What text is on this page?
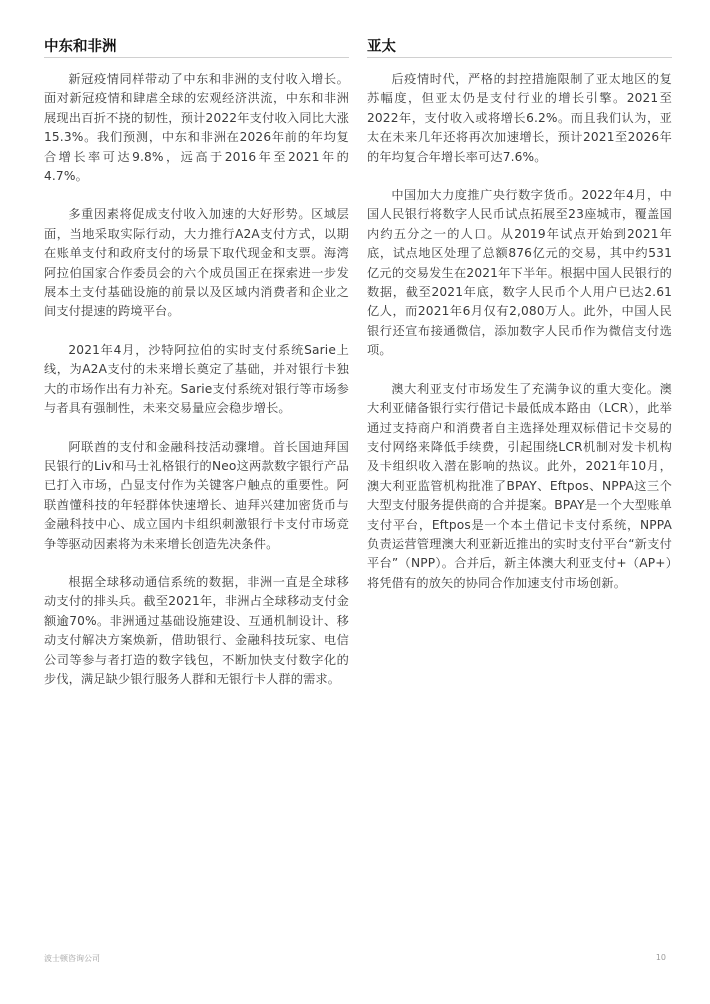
中东和非洲

新冠疫情同样带动了中东和非洲的支付收入增长。面对新冠疫情和肆虐全球的宏观经济洪流，中东和非洲展现出百折不挠的韧性，预计2022年支付收入同比大涨15.3%。我们预测，中东和非洲在2026年前的年均复合增长率可达9.8%，远高于2016年至2021年的4.7%。

多重因素将促成支付收入加速的大好形势。区域层面，当地采取实际行动，大力推行A2A支付方式，以期在账单支付和政府支付的场景下取代现金和支票。海湾阿拉伯国家合作委员会的六个成员国正在探索进一步发展本土支付基础设施的前景以及区域内消费者和企业之间支付提速的跨境平台。

2021年4月，沙特阿拉伯的实时支付系统Sarie上线，为A2A支付的未来增长奠定了基础，并对银行卡独大的市场作出有力补充。Sarie支付系统对银行等市场参与者具有强制性，未来交易量应会稳步增长。

阿联酋的支付和金融科技活动骤增。首长国迪拜国民银行的Liv和马士礼格银行的Neo这两款数字银行产品已打入市场，凸显支付作为关键客户触点的重要性。阿联酋懂科技的年轻群体快速增长、迪拜兴建加密货币与金融科技中心、成立国内卡组织刺激银行卡支付市场竞争等驱动因素将为未来增长创造先决条件。

根据全球移动通信系统的数据，非洲一直是全球移动支付的排头兵。截至2021年，非洲占全球移动支付金额逾70%。非洲通过基础设施建设、互通机制设计、移动支付解决方案焕新，借助银行、金融科技玩家、电信公司等参与者打造的数字钱包，不断加快支付数字化的步伐，满足缺少银行服务人群和无银行卡人群的需求。

亚太

后疫情时代，严格的封控措施限制了亚太地区的复苏幅度，但亚太仍是支付行业的增长引擎。2021至2022年，支付收入或将增长6.2%。而且我们认为，亚太在未来几年还将再次加速增长，预计2021至2026年的年均复合年增长率可达7.6%。

中国加大力度推广央行数字货币。2022年4月，中国人民银行将数字人民币试点拓展至23座城市，覆盖国内约五分之一的人口。从2019年试点开始到2021年底，试点地区处理了总额876亿元的交易，其中约531亿元的交易发生在2021年下半年。根据中国人民银行的数据，截至2021年底，数字人民币个人用户已达2.61亿人，而2021年6月仅有2,080万人。此外，中国人民银行还宣布接通微信，添加数字人民币作为微信支付选项。

澳大利亚支付市场发生了充满争议的重大变化。澳大利亚储备银行实行借记卡最低成本路由（LCR），此举通过支持商户和消费者自主选择处理双标借记卡交易的支付网络来降低手续费，引起围绕LCR机制对发卡机构及卡组织收入潜在影响的热议。此外，2021年10月，澳大利亚监管机构批准了BPAY、Eftpos、NPPA这三个大型支付服务提供商的合并提案。BPAY是一个大型账单支付平台，Eftpos是一个本土借记卡支付系统，NPPA负责运营管理澳大利亚新近推出的实时支付平台“新支付平台”（NPP）。合并后，新主体澳大利亚支付+（AP+）将凭借有的放矢的协同合作加速支付市场创新。

波士顿咨询公司	10
